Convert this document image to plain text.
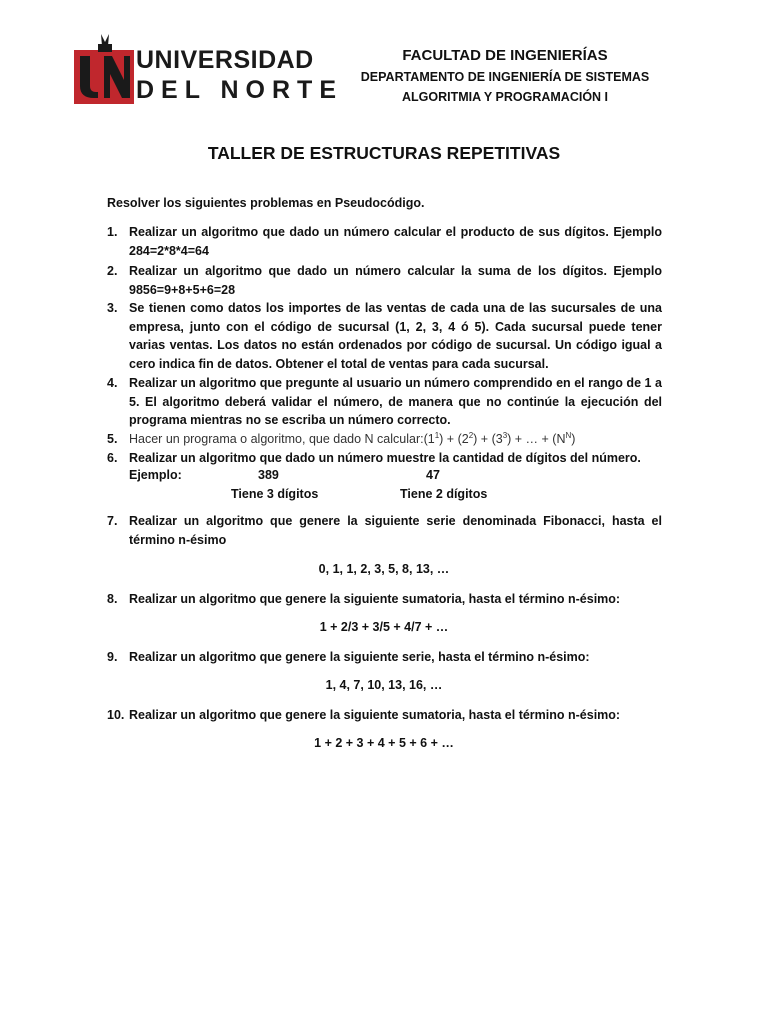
UNIVERSIDAD
DEL NORTE
FACULTAD DE INGENIERÍAS
DEPARTAMENTO DE INGENIERÍA DE SISTEMAS
ALGORITMIA Y PROGRAMACIÓN I
TALLER DE ESTRUCTURAS REPETITIVAS
Resolver los siguientes problemas en Pseudocódigo.
1. Realizar un algoritmo que dado un número calcular el producto de sus dígitos. Ejemplo 284=2*8*4=64
2. Realizar un algoritmo que dado un número calcular la suma de los dígitos. Ejemplo 9856=9+8+5+6=28
3. Se tienen como datos los importes de las ventas de cada una de las sucursales de una empresa, junto con el código de sucursal (1, 2, 3, 4 ó 5). Cada sucursal puede tener varias ventas. Los datos no están ordenados por código de sucursal. Un código igual a cero indica fin de datos. Obtener el total de ventas para cada sucursal.
4. Realizar un algoritmo que pregunte al usuario un número comprendido en el rango de 1 a 5. El algoritmo deberá validar el número, de manera que no continúe la ejecución del programa mientras no se escriba un número correcto.
5. Hacer un programa o algoritmo, que dado N $calcular:(1^1) + (2^2) + (3^3)$ + … + $(N^N)$
6. Realizar un algoritmo que dado un número muestre la cantidad de dígitos del número.
Ejemplo:	389	47
Tiene 3 dígitos	Tiene 2 dígitos
7. Realizar un algoritmo que genere la siguiente serie denominada Fibonacci, hasta el término n-ésimo
0, 1, 1, 2, 3, 5, 8, 13, …
8. Realizar un algoritmo que genere la siguiente sumatoria, hasta el término n-ésimo:
1 + 2/3 + 3/5 + 4/7 + …
9. Realizar un algoritmo que genere la siguiente serie, hasta el término n-ésimo:
1, 4, 7, 10, 13, 16, …
10. Realizar un algoritmo que genere la siguiente sumatoria, hasta el término n-ésimo:
1 + 2 + 3 + 4 + 5 + 6 + …
